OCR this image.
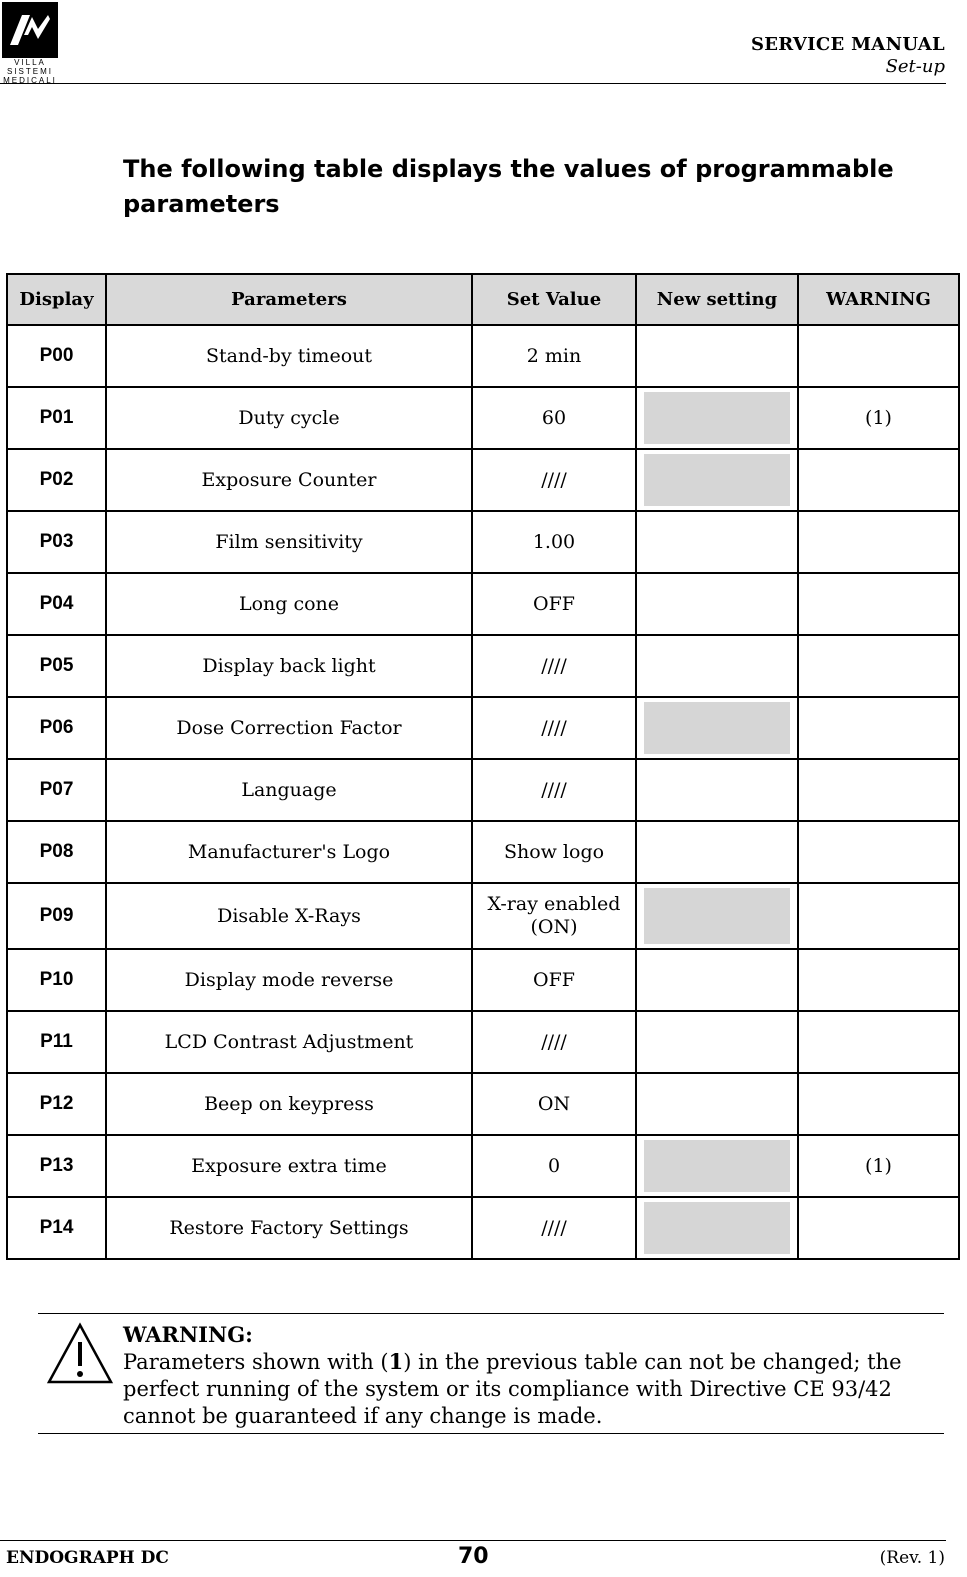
VILLA
SISTEMI
MEDICALI
SERVICE MANUAL
Set-up
The following table displays the values of programmable parameters
Display	Parameters	Set Value	New setting	WARNING
P00	Stand-by timeout	2 min		
P01	Duty cycle	60		(1)
P02	Exposure Counter	////	

P03	Film sensitivity	1.00		
P04	Long cone	OFF		
P05	Display back light	////		
P06	Dose Correction Factor	////	

P07	Language	////		
P08	Manufacturer's Logo	Show logo		
P09	Disable X-Rays	X-ray enabled (ON)	

P10	Display mode reverse	OFF		
P11	LCD Contrast Adjustment	////		
P12	Beep on keypress	ON		
P13	Exposure extra time	0		(1)
P14	Restore Factory Settings	////	

WARNING:
Parameters shown with (1) in the previous table can not be changed; the perfect running of the system or its compliance with Directive CE 93/42 cannot be guaranteed if any change is made.
ENDOGRAPH DC	70	(Rev. 1)
